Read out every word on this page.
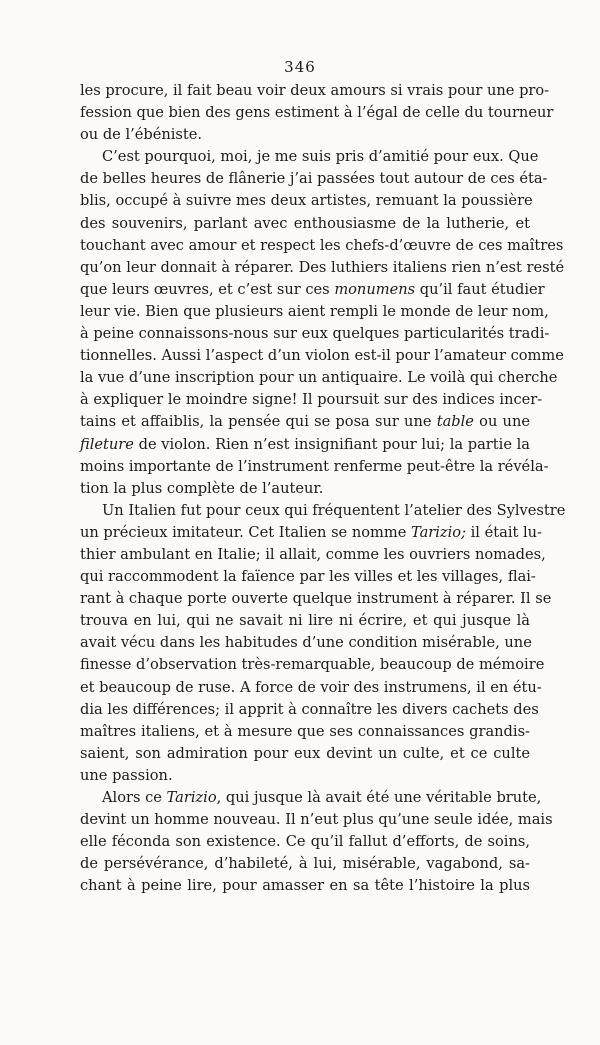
346
les procure, il fait beau voir deux amours si vrais pour une pro-
fession que bien des gens estiment à l’égal de celle du tourneur
ou de l’ébéniste.
C’est pourquoi, moi, je me suis pris d’amitié pour eux. Que
de belles heures de flânerie j’ai passées tout autour de ces éta-
blis, occupé à suivre mes deux artistes, remuant la poussière
des souvenirs, parlant avec enthousiasme de la lutherie, et
touchant avec amour et respect les chefs-d’œuvre de ces maîtres
qu’on leur donnait à réparer. Des luthiers italiens rien n’est resté
que leurs œuvres, et c’est sur ces monumens qu’il faut étudier
leur vie. Bien que plusieurs aient rempli le monde de leur nom,
à peine connaissons-nous sur eux quelques particularités tradi-
tionnelles. Aussi l’aspect d’un violon est-il pour l’amateur comme
la vue d’une inscription pour un antiquaire. Le voilà qui cherche
à expliquer le moindre signe! Il poursuit sur des indices incer-
tains et affaiblis, la pensée qui se posa sur une table ou une
fileture de violon. Rien n’est insignifiant pour lui; la partie la
moins importante de l’instrument renferme peut-être la révéla-
tion la plus complète de l’auteur.
Un Italien fut pour ceux qui fréquentent l’atelier des Sylvestre
un précieux imitateur. Cet Italien se nomme Tarizio; il était lu-
thier ambulant en Italie; il allait, comme les ouvriers nomades,
qui raccommodent la faïence par les villes et les villages, flai-
rant à chaque porte ouverte quelque instrument à réparer. Il se
trouva en lui, qui ne savait ni lire ni écrire, et qui jusque là
avait vécu dans les habitudes d’une condition misérable, une
finesse d’observation très-remarquable, beaucoup de mémoire
et beaucoup de ruse. A force de voir des instrumens, il en étu-
dia les différences; il apprit à connaître les divers cachets des
maîtres italiens, et à mesure que ses connaissances grandis-
saient, son admiration pour eux devint un culte, et ce culte
une passion.
Alors ce Tarizio, qui jusque là avait été une véritable brute,
devint un homme nouveau. Il n’eut plus qu’une seule idée, mais
elle féconda son existence. Ce qu’il fallut d’efforts, de soins,
de persévérance, d’habileté, à lui, misérable, vagabond, sa-
chant à peine lire, pour amasser en sa tête l’histoire la plus
